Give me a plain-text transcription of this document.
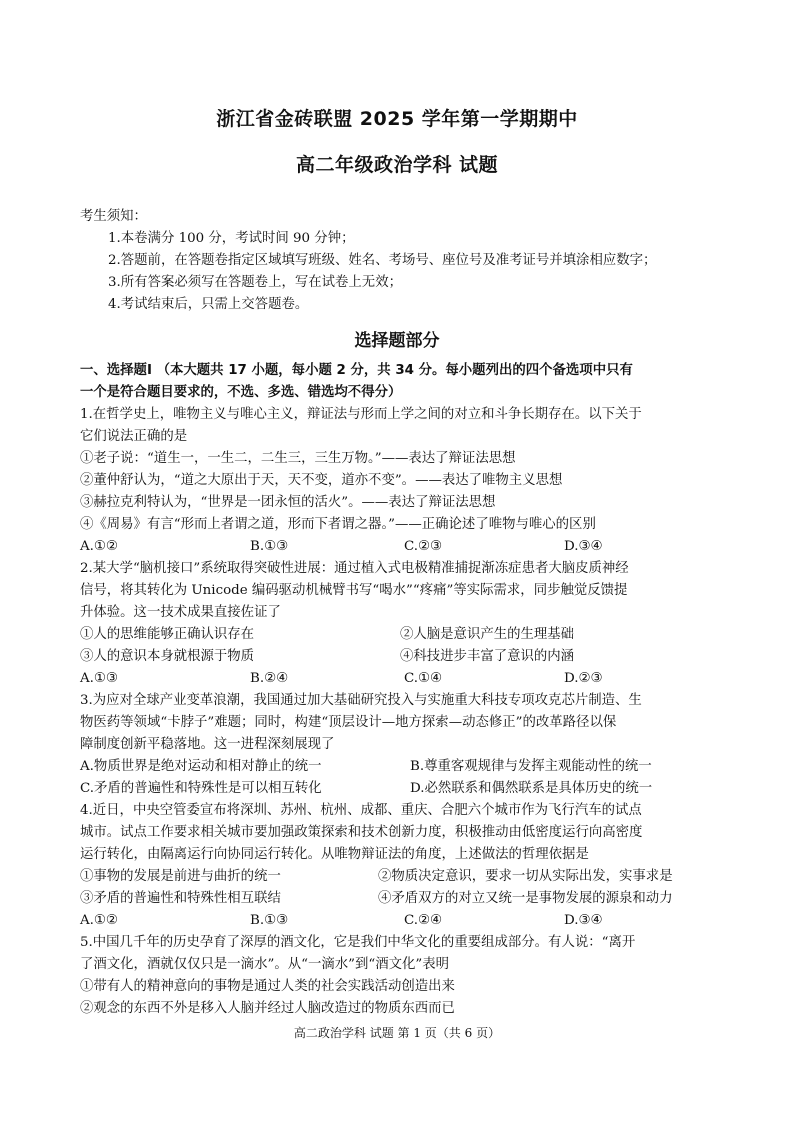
浙江省金砖联盟 2025 学年第一学期期中
高二年级政治学科 试题
考生须知：
1.本卷满分 100 分，考试时间 90 分钟；
2.答题前，在答题卷指定区域填写班级、姓名、考场号、座位号及准考证号并填涂相应数字；
3.所有答案必须写在答题卷上，写在试卷上无效；
4.考试结束后，只需上交答题卷。
选择题部分
一、选择题Ⅰ （本大题共 17 小题，每小题 2 分，共 34 分。每小题列出的四个备选项中只有
一个是符合题目要求的，不选、多选、错选均不得分）
1.在哲学史上，唯物主义与唯心主义，辩证法与形而上学之间的对立和斗争长期存在。以下关于
它们说法正确的是
①老子说：“道生一，一生二，二生三，三生万物。”——表达了辩证法思想
②董仲舒认为，“道之大原出于天，天不变，道亦不变”。——表达了唯物主义思想
③赫拉克利特认为，“世界是一团永恒的活火”。——表达了辩证法思想
④《周易》有言“形而上者谓之道，形而下者谓之器。”——正确论述了唯物与唯心的区别
A.①②	B.①③	C.②③	D.③④
2.某大学“脑机接口”系统取得突破性进展：通过植入式电极精准捕捉渐冻症患者大脑皮质神经
信号，将其转化为 Unicode 编码驱动机械臂书写“喝水”“疼痛”等实际需求，同步触觉反馈提
升体验。这一技术成果直接佐证了
①人的思维能够正确认识存在	②人脑是意识产生的生理基础
③人的意识本身就根源于物质	④科技进步丰富了意识的内涵
A.①③	B.②④	C.①④	D.②③
3.为应对全球产业变革浪潮，我国通过加大基础研究投入与实施重大科技专项攻克芯片制造、生
物医药等领域“卡脖子”难题；同时，构建“顶层设计—地方探索—动态修正”的改革路径以保
障制度创新平稳落地。这一进程深刻展现了
A.物质世界是绝对运动和相对静止的统一	B.尊重客观规律与发挥主观能动性的统一
C.矛盾的普遍性和特殊性是可以相互转化	D.必然联系和偶然联系是具体历史的统一
4.近日，中央空管委宣布将深圳、苏州、杭州、成都、重庆、合肥六个城市作为飞行汽车的试点
城市。试点工作要求相关城市要加强政策探索和技术创新力度，积极推动由低密度运行向高密度
运行转化，由隔离运行向协同运行转化。从唯物辩证法的角度，上述做法的哲理依据是
①事物的发展是前进与曲折的统一	②物质决定意识，要求一切从实际出发，实事求是
③矛盾的普遍性和特殊性相互联结	④矛盾双方的对立又统一是事物发展的源泉和动力
A.①②	B.①③	C.②④	D.③④
5.中国几千年的历史孕育了深厚的酒文化，它是我们中华文化的重要组成部分。有人说：“离开
了酒文化，酒就仅仅只是一滴水”。从“一滴水”到“酒文化”表明
①带有人的精神意向的事物是通过人类的社会实践活动创造出来
②观念的东西不外是移入人脑并经过人脑改造过的物质东西而已
高二政治学科 试题 第 1 页（共 6 页）
